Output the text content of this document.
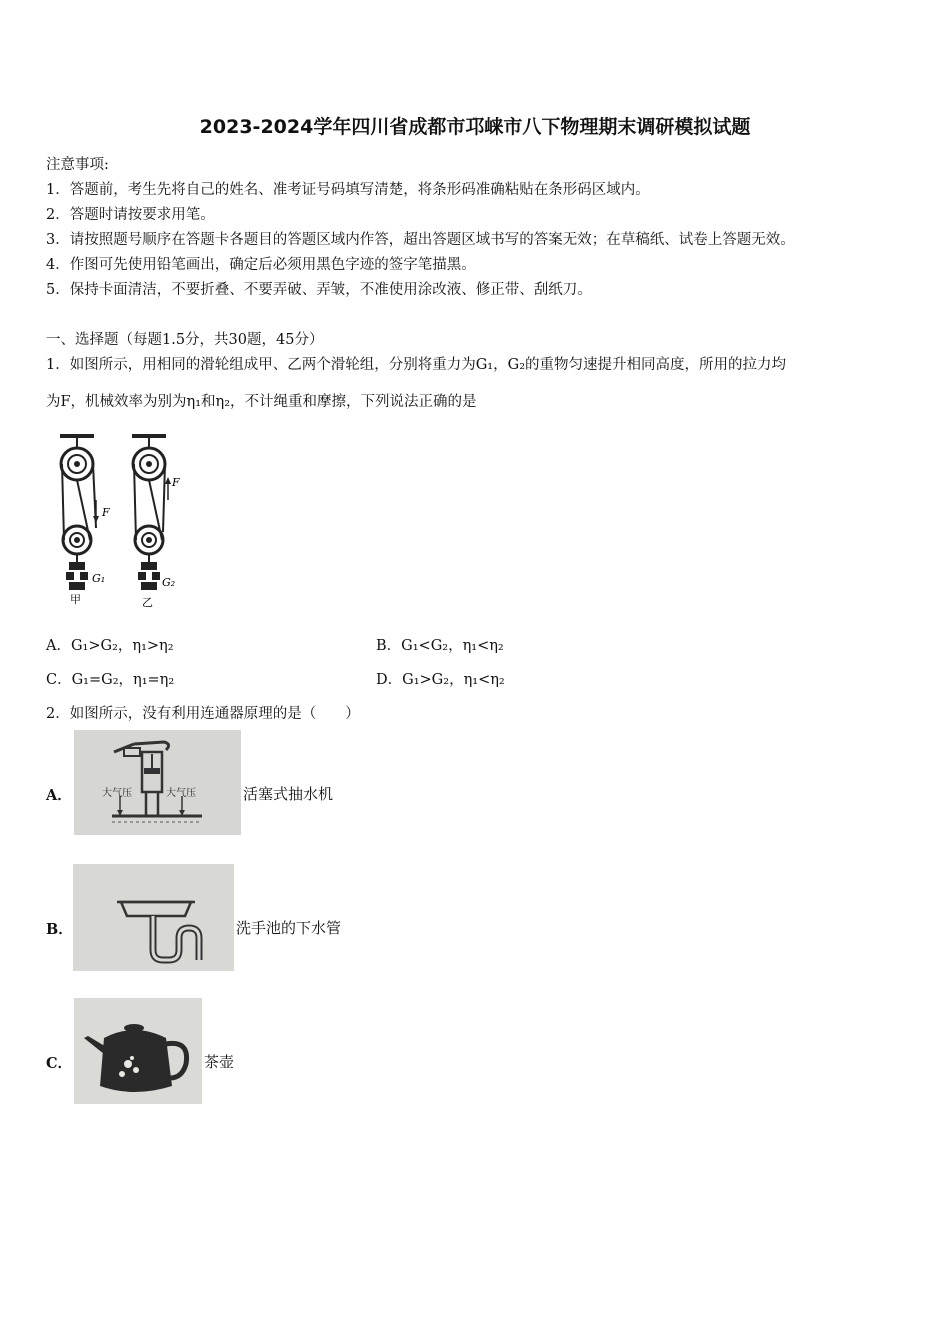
2023-2024学年四川省成都市邛崃市八下物理期末调研模拟试题
注意事项:
1．答题前，考生先将自己的姓名、准考证号码填写清楚，将条形码准确粘贴在条形码区域内。
2．答题时请按要求用笔。
3．请按照题号顺序在答题卡各题目的答题区域内作答，超出答题区域书写的答案无效；在草稿纸、试卷上答题无效。
4．作图可先使用铅笔画出，确定后必须用黑色字迹的签字笔描黑。
5．保持卡面清洁，不要折叠、不要弄破、弄皱，不准使用涂改液、修正带、刮纸刀。
一、选择题（每题1.5分，共30题，45分）
1．如图所示，用相同的滑轮组成甲、乙两个滑轮组，分别将重力为G₁，G₂的重物匀速提升相同高度，所用的拉力均
为F，机械效率为别为η₁和η₂，不计绳重和摩擦，下列说法正确的是
F
F
G₁	G₂
甲	乙
A．G₁>G₂，η₁>η₂	B．G₁<G₂，η₁<η₂
C．G₁=G₂，η₁=η₂	D．G₁>G₂，η₁<η₂
2．如图所示，没有利用连通器原理的是（　　）
A．	大气压	大气压	活塞式抽水机
B．	洗手池的下水管
C．	茶壶
